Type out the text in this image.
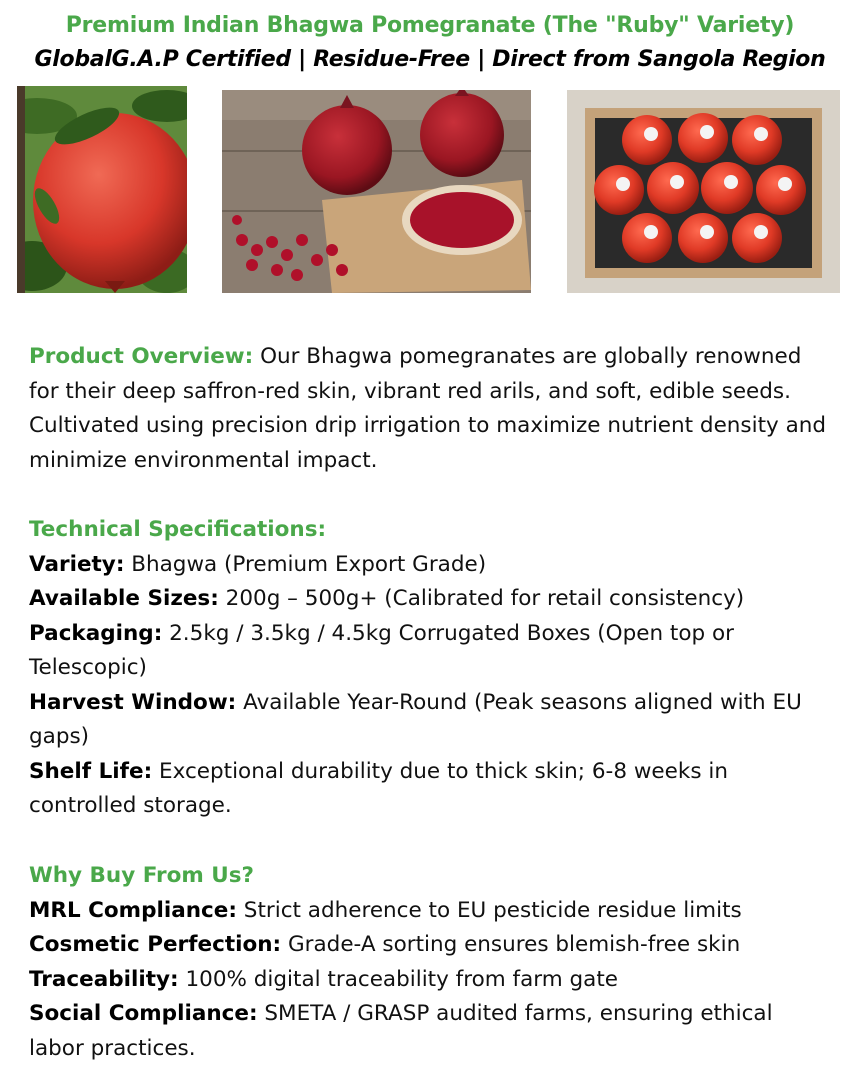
Premium Indian Bhagwa Pomegranate (The "Ruby" Variety)
GlobalG.A.P Certified | Residue-Free | Direct from Sangola Region
Product Overview: Our Bhagwa pomegranates are globally renowned for their deep saffron-red skin, vibrant red arils, and soft, edible seeds. Cultivated using precision drip irrigation to maximize nutrient density and minimize environmental impact.
Technical Specifications:
Variety: Bhagwa (Premium Export Grade)
Available Sizes: 200g – 500g+ (Calibrated for retail consistency)
Packaging: 2.5kg / 3.5kg / 4.5kg Corrugated Boxes (Open top or Telescopic)
Harvest Window: Available Year-Round (Peak seasons aligned with EU gaps)
Shelf Life: Exceptional durability due to thick skin; 6-8 weeks in controlled storage.
Why Buy From Us?
MRL Compliance: Strict adherence to EU pesticide residue limits
Cosmetic Perfection: Grade-A sorting ensures blemish-free skin
Traceability: 100% digital traceability from farm gate
Social Compliance: SMETA / GRASP audited farms, ensuring ethical labor practices.
